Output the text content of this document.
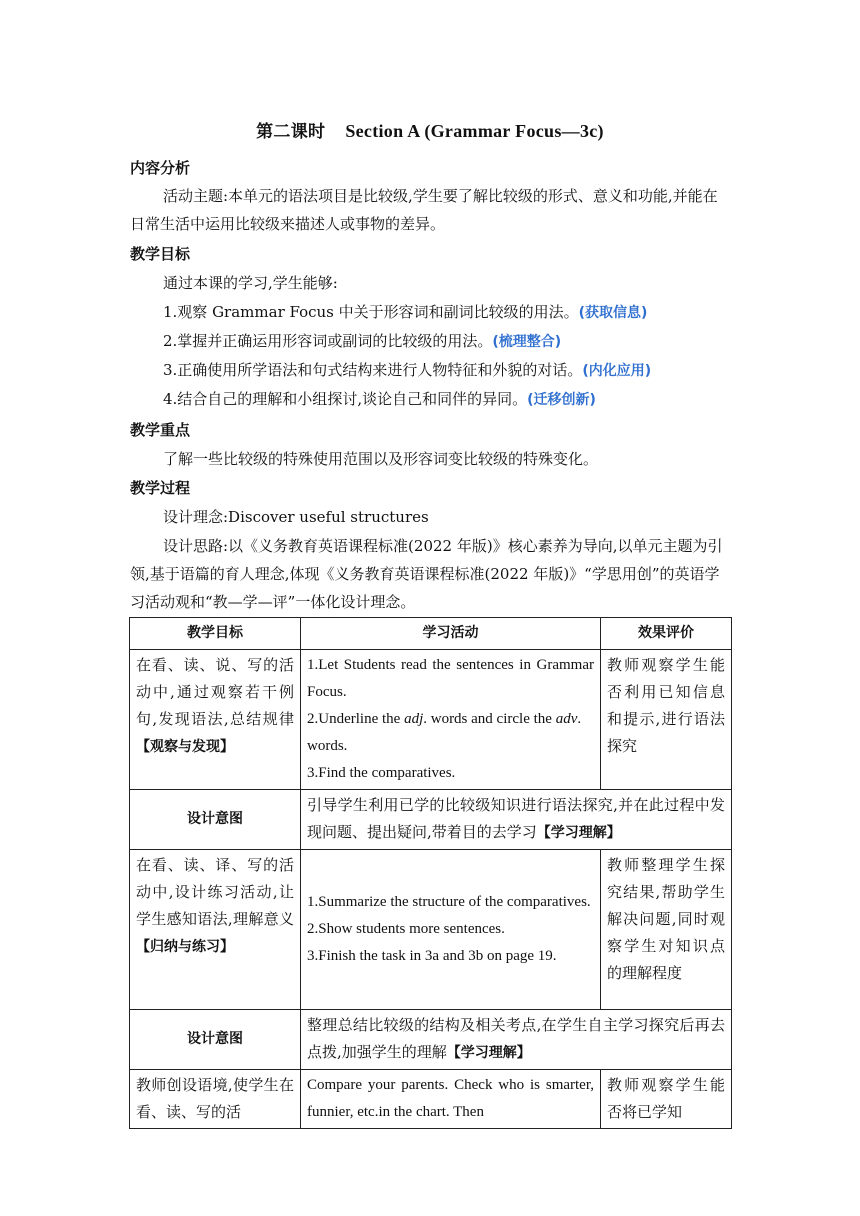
第二课时 Section A (Grammar Focus—3c)
内容分析
活动主题:本单元的语法项目是比较级,学生要了解比较级的形式、意义和功能,并能在日常生活中运用比较级来描述人或事物的差异。
教学目标
通过本课的学习,学生能够:
1.观察 Grammar Focus 中关于形容词和副词比较级的用法。(获取信息)
2.掌握并正确运用形容词或副词的比较级的用法。(梳理整合)
3.正确使用所学语法和句式结构来进行人物特征和外貌的对话。(内化应用)
4.结合自己的理解和小组探讨,谈论自己和同伴的异同。(迁移创新)
教学重点
了解一些比较级的特殊使用范围以及形容词变比较级的特殊变化。
教学过程
设计理念:Discover useful structures
设计思路:以《义务教育英语课程标准(2022 年版)》核心素养为导向,以单元主题为引领,基于语篇的育人理念,体现《义务教育英语课程标准(2022 年版)》“学思用创”的英语学习活动观和“教—学—评”一体化设计理念。
教学目标	学习活动	效果评价
在看、读、说、写的活动中,通过观察若干例句,发现语法,总结规律【观察与发现】	1.Let Students read the sentences in Grammar Focus.
2.Underline the adj. words and circle the adv. words.
3.Find the comparatives.	教师观察学生能否利用已知信息和提示,进行语法探究
设计意图	引导学生利用已学的比较级知识进行语法探究,并在此过程中发现问题、提出疑问,带着目的去学习【学习理解】	
在看、读、译、写的活动中,设计练习活动,让学生感知语法,理解意义【归纳与练习】	1.Summarize the structure of the comparatives.
2.Show students more sentences.
3.Finish the task in 3a and 3b on page 19.	教师整理学生探究结果,帮助学生解决问题,同时观察学生对知识点的理解程度
设计意图	整理总结比较级的结构及相关考点,在学生自主学习探究后再去点拨,加强学生的理解【学习理解】	
教师创设语境,使学生在看、读、写的活	Compare your parents. Check who is smarter, funnier, etc.in the chart. Then	教师观察学生能否将已学知
